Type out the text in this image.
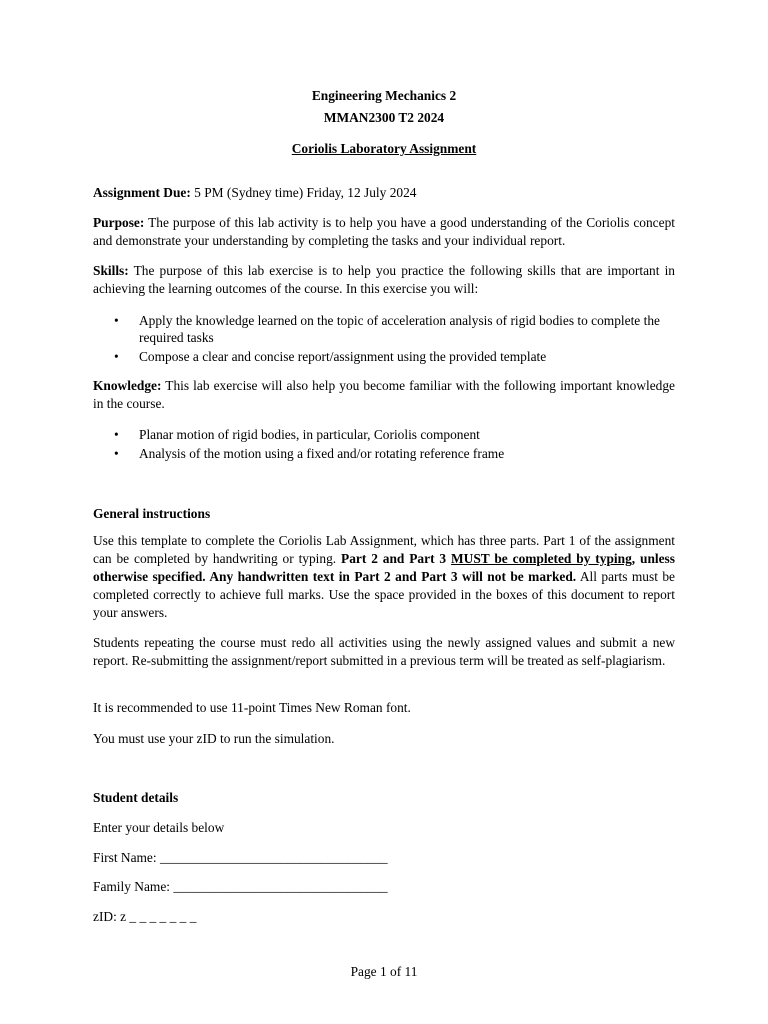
Engineering Mechanics 2
MMAN2300 T2 2024
Coriolis Laboratory Assignment
Assignment Due: 5 PM (Sydney time) Friday, 12 July 2024
Purpose: The purpose of this lab activity is to help you have a good understanding of the Coriolis concept and demonstrate your understanding by completing the tasks and your individual report.
Skills: The purpose of this lab exercise is to help you practice the following skills that are important in achieving the learning outcomes of the course. In this exercise you will:
• Apply the knowledge learned on the topic of acceleration analysis of rigid bodies to complete the required tasks
• Compose a clear and concise report/assignment using the provided template
Knowledge: This lab exercise will also help you become familiar with the following important knowledge in the course.
• Planar motion of rigid bodies, in particular, Coriolis component
• Analysis of the motion using a fixed and/or rotating reference frame
General instructions
Use this template to complete the Coriolis Lab Assignment, which has three parts. Part 1 of the assignment can be completed by handwriting or typing. Part 2 and Part 3 MUST be completed by typing, unless otherwise specified. Any handwritten text in Part 2 and Part 3 will not be marked. All parts must be completed correctly to achieve full marks. Use the space provided in the boxes of this document to report your answers.
Students repeating the course must redo all activities using the newly assigned values and submit a new report. Re-submitting the assignment/report submitted in a previous term will be treated as self-plagiarism.
It is recommended to use 11-point Times New Roman font.
You must use your zID to run the simulation.
Student details
Enter your details below
First Name: __________________________________
Family Name: ________________________________
zID: z _ _ _ _ _ _ _
Page 1 of 11
